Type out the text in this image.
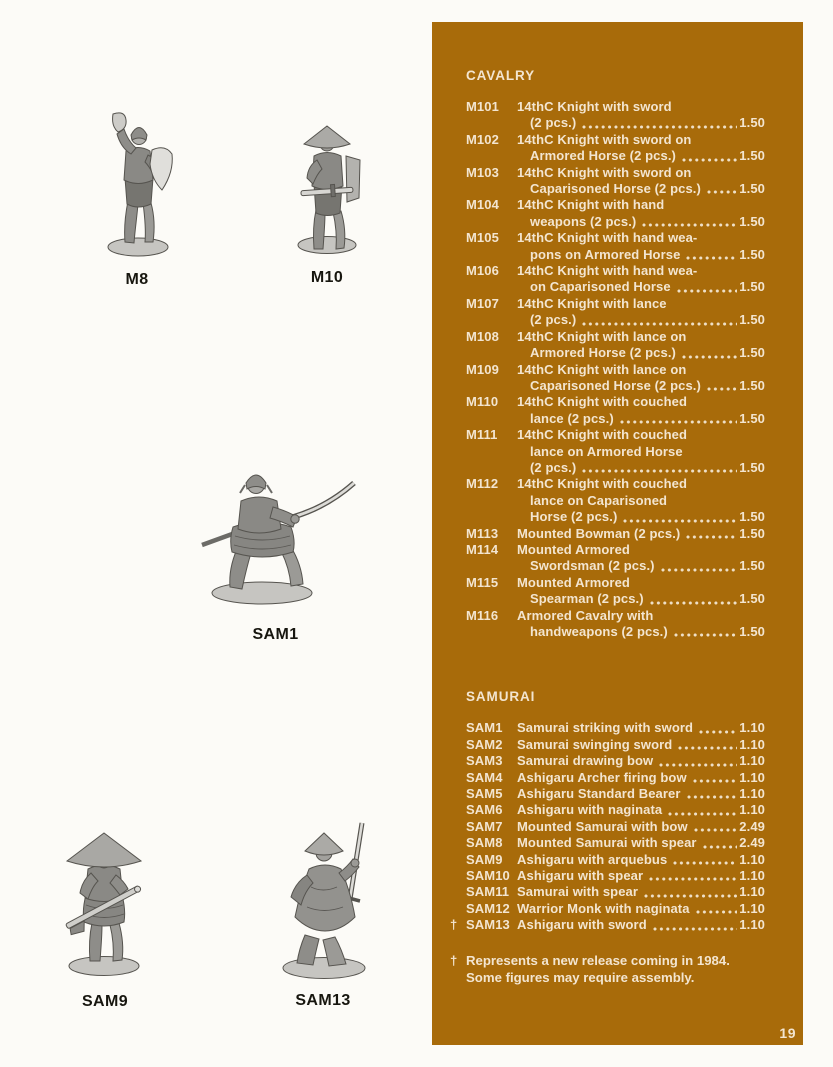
M8	M10
SAM1
SAM9	SAM13
CAVALRY
M101	14thC Knight with sword
(2 pcs.)	1.50
M102	14thC Knight with sword on
Armored Horse (2 pcs.)	1.50
M103	14thC Knight with sword on
Caparisoned Horse (2 pcs.)	1.50
M104	14thC Knight with hand
weapons (2 pcs.)	1.50
M105	14thC Knight with hand wea-
pons on Armored Horse	1.50
M106	14thC Knight with hand wea-
on Caparisoned Horse	1.50
M107	14thC Knight with lance
(2 pcs.)	1.50
M108	14thC Knight with lance on
Armored Horse (2 pcs.)	1.50
M109	14thC Knight with lance on
Caparisoned Horse (2 pcs.)	1.50
M110	14thC Knight with couched
lance (2 pcs.)	1.50
M111	14thC Knight with couched
lance on Armored Horse
(2 pcs.)	1.50
M112	14thC Knight with couched
lance on Caparisoned
Horse (2 pcs.)	1.50
M113	Mounted Bowman (2 pcs.)	1.50
M114	Mounted Armored
Swordsman (2 pcs.)	1.50
M115	Mounted Armored
Spearman (2 pcs.)	1.50
M116	Armored Cavalry with
handweapons (2 pcs.)	1.50
SAMURAI
SAM1	Samurai striking with sword	1.10
SAM2	Samurai swinging sword	1.10
SAM3	Samurai drawing bow	1.10
SAM4	Ashigaru Archer firing bow	1.10
SAM5	Ashigaru Standard Bearer	1.10
SAM6	Ashigaru with naginata	1.10
SAM7	Mounted Samurai with bow	2.49
SAM8	Mounted Samurai with spear	2.49
SAM9	Ashigaru with arquebus	1.10
SAM10 Ashigaru with spear	1.10
SAM11 Samurai with spear	1.10
SAM12 Warrior Monk with naginata	1.10
† SAM13 Ashigaru with sword	1.10
† Represents a new release coming in 1984.
Some figures may require assembly.
19
